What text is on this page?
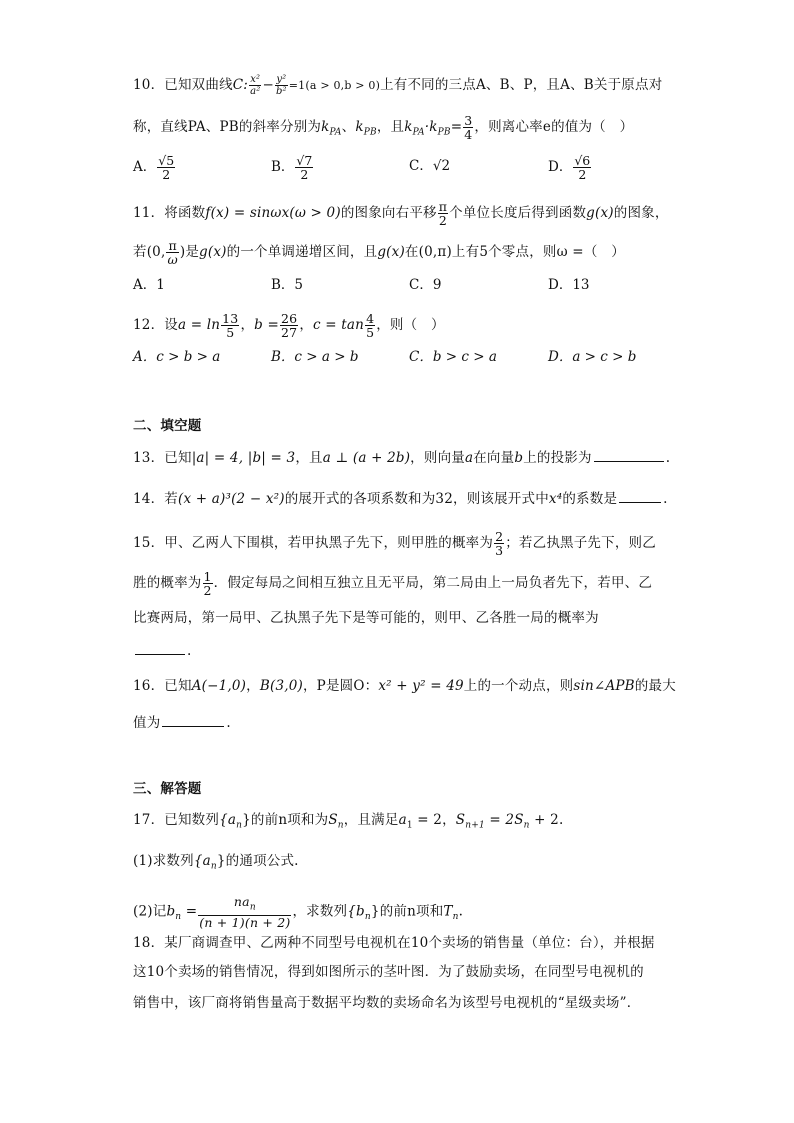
10．已知双曲线C: $\frac{\text{x²}}{\text{a²}} - \frac{\text{y²}}{\text{b²}} =1(a > 0,b > 0)$上有不同的三点A、B、P，且A、B关于原点对
称，直线PA、PB的斜率分别为$k_{PA}$、$k_{PB}$，且$k_{PA}\cdot k_{PB}= \frac{3}{4}$ ，则离心率e的值为（　）
A． $\frac{√5}{2}$	B． $\frac{√7}{2}$	C．√2	D． $\frac{√6}{2}$
11．将函数f(x) = sinωx(ω > 0)的图象向右平移 $\frac{\pi}{2}$ 个单位长度后得到函数g(x)的图象，
若(0, $\frac{\pi}{\omega}$ )是g(x)的一个单调递增区间，且g(x)在(0,π)上有5个零点，则ω =（　）
A．1	B．5	C．9	D．13
12．设$a = \ln \frac{13}{5}$ ，$b = \frac{26}{27}$ ，$c = \tan \frac{4}{5}$ ，则（　）
A．c > b > a	B．c > a > b	C．b > c > a	D．a > c > b
二、填空题
13．已知|a| = 4, |b| = 3，且a ⊥ (a + 2b)，则向量a在向量b上的投影为	.
14．若(x + a)³(2 − x²)的展开式的各项系数和为32，则该展开式中x⁴的系数是	.
15．甲、乙两人下围棋，若甲执黑子先下，则甲胜的概率为 $\frac{2}{3}$ ；若乙执黑子先下，则乙
胜的概率为 $\frac{1}{2}$ ．假定每局之间相互独立且无平局，第二局由上一局负者先下，若甲、乙
比赛两局，第一局甲、乙执黑子先下是等可能的，则甲、乙各胜一局的概率为
.
16．已知A(−1,0)，B(3,0)，P是圆O：x² + y² = 49上的一个动点，则sin∠APB的最大
值为	.
三、解答题
17．已知数列$\{a_n\}$的前n项和为$S_n$，且满足$a_1 = 2$，$S_{n+1} = 2S_n + 2$.
(1)求数列$\{a_n\}$的通项公式.
(2)记$b_n = \frac{na_n}{(n + 1)(n + 2)}$ ，求数列$\{b_n\}$的前n项和$T_n$.
18．某厂商调查甲、乙两种不同型号电视机在10个卖场的销售量（单位：台），并根据
这10个卖场的销售情况，得到如图所示的茎叶图．为了鼓励卖场，在同型号电视机的
销售中，该厂商将销售量高于数据平均数的卖场命名为该型号电视机的“星级卖场”．
